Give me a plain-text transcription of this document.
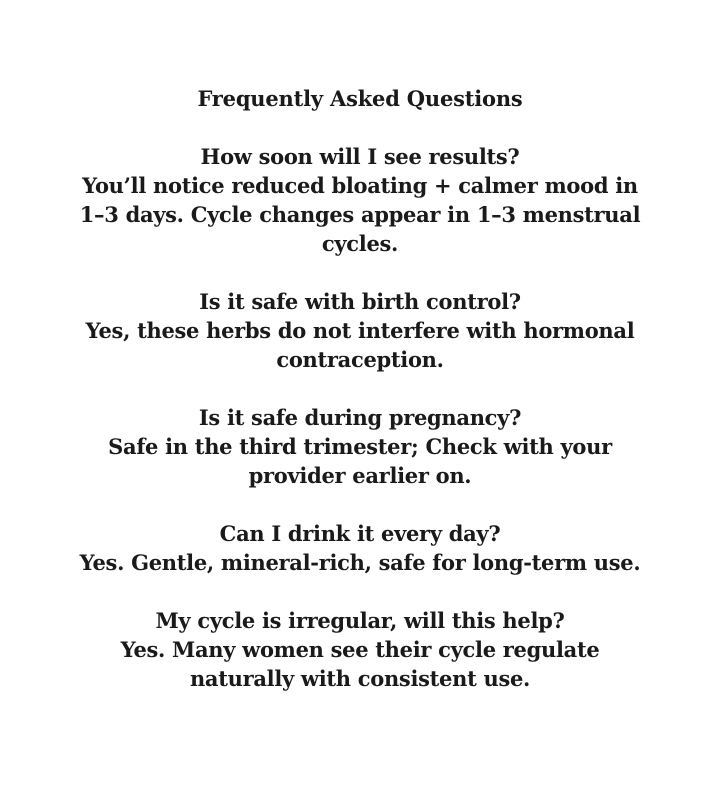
Frequently Asked Questions
How soon will I see results?
You’ll notice reduced bloating + calmer mood in 1–3 days. Cycle changes appear in 1–3 menstrual cycles.
Is it safe with birth control?
Yes, these herbs do not interfere with hormonal contraception.
Is it safe during pregnancy?
Safe in the third trimester; Check with your provider earlier on.
Can I drink it every day?
Yes. Gentle, mineral-rich, safe for long-term use.
My cycle is irregular, will this help?
Yes. Many women see their cycle regulate naturally with consistent use.
